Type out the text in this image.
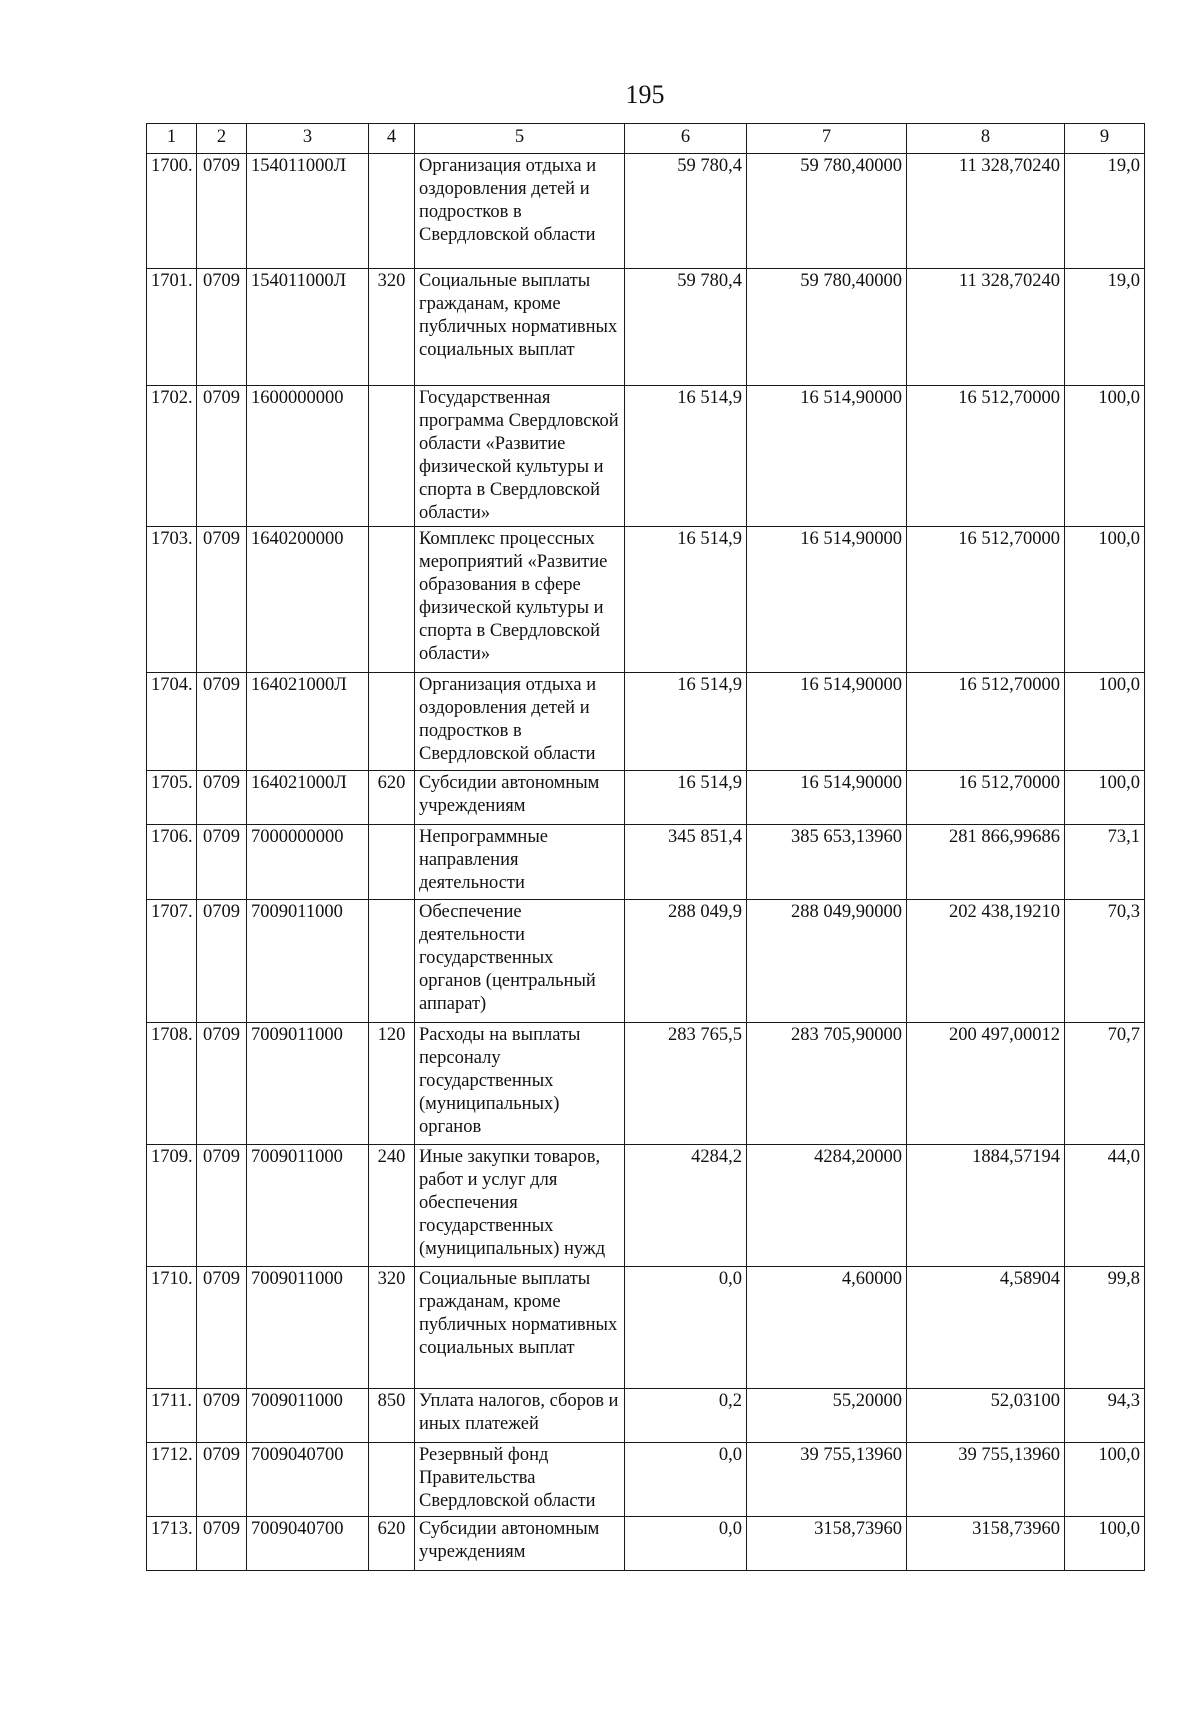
195
1	2	3	4	5	6	7	8	9
1700.	0709	154011000Л		Организация отдыха и оздоровления детей и подростков в Свердловской области	59 780,4	59 780,40000	11 328,70240	19,0
1701.	0709	154011000Л	320	Социальные выплаты гражданам, кроме публичных нормативных социальных выплат	59 780,4	59 780,40000	11 328,70240	19,0
1702.	0709	1600000000		Государственная программа Свердловской области «Развитие физической культуры и спорта в Свердловской области»	16 514,9	16 514,90000	16 512,70000	100,0
1703.	0709	1640200000		Комплекс процессных мероприятий «Развитие образования в сфере физической культуры и спорта в Свердловской области»	16 514,9	16 514,90000	16 512,70000	100,0
1704.	0709	164021000Л		Организация отдыха и оздоровления детей и подростков в Свердловской области	16 514,9	16 514,90000	16 512,70000	100,0
1705.	0709	164021000Л	620	Субсидии автономным учреждениям	16 514,9	16 514,90000	16 512,70000	100,0
1706.	0709	7000000000		Непрограммные направления деятельности	345 851,4	385 653,13960	281 866,99686	73,1
1707.	0709	7009011000		Обеспечение деятельности государственных органов (центральный аппарат)	288 049,9	288 049,90000	202 438,19210	70,3
1708.	0709	7009011000	120	Расходы на выплаты персоналу государственных (муниципальных) органов	283 765,5	283 705,90000	200 497,00012	70,7
1709.	0709	7009011000	240	Иные закупки товаров, работ и услуг для обеспечения государственных (муниципальных) нужд	4284,2	4284,20000	1884,57194	44,0
1710.	0709	7009011000	320	Социальные выплаты гражданам, кроме публичных нормативных социальных выплат	0,0	4,60000	4,58904	99,8
1711.	0709	7009011000	850	Уплата налогов, сборов и иных платежей	0,2	55,20000	52,03100	94,3
1712.	0709	7009040700		Резервный фонд Правительства Свердловской области	0,0	39 755,13960	39 755,13960	100,0
1713.	0709	7009040700	620	Субсидии автономным учреждениям	0,0	3158,73960	3158,73960	100,0
